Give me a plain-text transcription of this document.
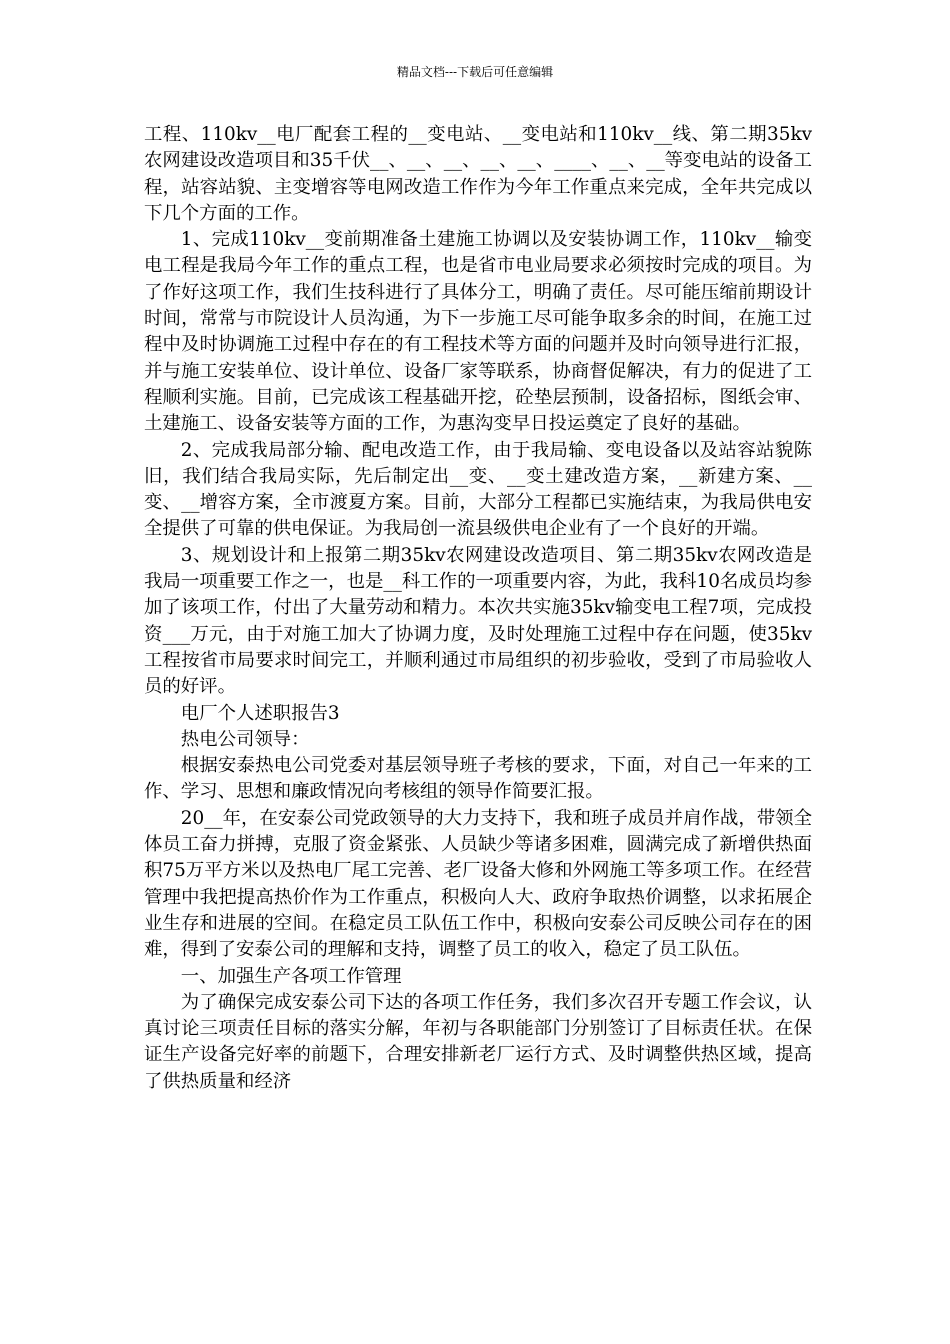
精品文档---下载后可任意编辑

工程、110kv__电厂配套工程的__变电站、__变电站和110kv__线、第二期35kv农网建设改造项目和35千伏__、__、__、__、__、____、__、__等变电站的设备工程，站容站貌、主变增容等电网改造工作作为今年工作重点来完成，全年共完成以下几个方面的工作。

1、完成110kv__变前期准备土建施工协调以及安装协调工作，110kv__输变电工程是我局今年工作的重点工程，也是省市电业局要求必须按时完成的项目。为了作好这项工作，我们生技科进行了具体分工，明确了责任。尽可能压缩前期设计时间，常常与市院设计人员沟通，为下一步施工尽可能争取多余的时间，在施工过程中及时协调施工过程中存在的有工程技术等方面的问题并及时向领导进行汇报，并与施工安装单位、设计单位、设备厂家等联系，协商督促解决，有力的促进了工程顺利实施。目前，已完成该工程基础开挖，砼垫层预制，设备招标，图纸会审、土建施工、设备安装等方面的工作，为惠沟变早日投运奠定了良好的基础。

2、完成我局部分输、配电改造工作，由于我局输、变电设备以及站容站貌陈旧，我们结合我局实际，先后制定出__变、__变土建改造方案，__新建方案、__变、__增容方案，全市渡夏方案。目前，大部分工程都已实施结束，为我局供电安全提供了可靠的供电保证。为我局创一流县级供电企业有了一个良好的开端。

3、规划设计和上报第二期35kv农网建设改造项目、第二期35kv农网改造是我局一项重要工作之一，也是__科工作的一项重要内容，为此，我科10名成员均参加了该项工作，付出了大量劳动和精力。本次共实施35kv输变电工程7项，完成投资___万元，由于对施工加大了协调力度，及时处理施工过程中存在问题，使35kv工程按省市局要求时间完工，并顺利通过市局组织的初步验收，受到了市局验收人员的好评。

电厂个人述职报告3

热电公司领导：

根据安泰热电公司党委对基层领导班子考核的要求，下面，对自己一年来的工作、学习、思想和廉政情况向考核组的领导作简要汇报。

20__年，在安泰公司党政领导的大力支持下，我和班子成员并肩作战，带领全体员工奋力拼搏，克服了资金紧张、人员缺少等诸多困难，圆满完成了新增供热面积75万平方米以及热电厂尾工完善、老厂设备大修和外网施工等多项工作。在经营管理中我把提高热价作为工作重点，积极向人大、政府争取热价调整，以求拓展企业生存和进展的空间。在稳定员工队伍工作中，积极向安泰公司反映公司存在的困难，得到了安泰公司的理解和支持，调整了员工的收入，稳定了员工队伍。

一、加强生产各项工作管理

为了确保完成安泰公司下达的各项工作任务，我们多次召开专题工作会议，认真讨论三项责任目标的落实分解，年初与各职能部门分别签订了目标责任状。在保证生产设备完好率的前题下，合理安排新老厂运行方式、及时调整供热区域，提高了供热质量和经济
